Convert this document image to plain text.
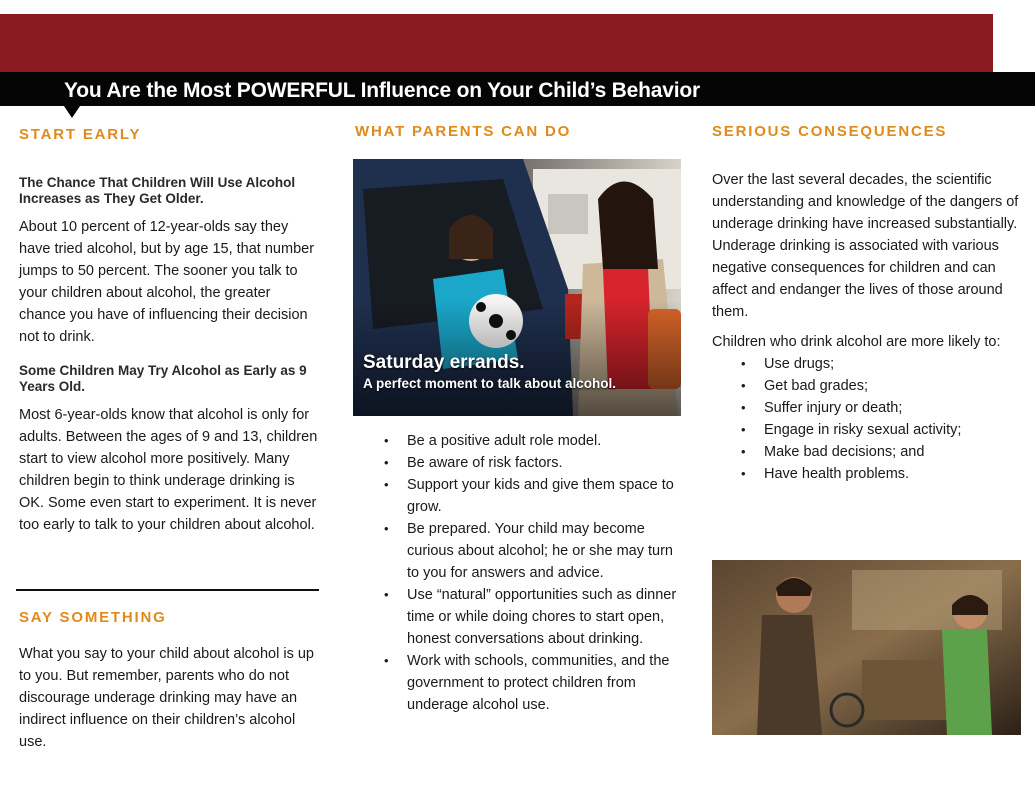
You Are the Most POWERFUL Influence on Your Child’s Behavior
START EARLY

The Chance That Children Will Use Alcohol Increases as They Get Older.

About 10 percent of 12-year-olds say they have tried alcohol, but by age 15, that number jumps to 50 percent. The sooner you talk to your children about alcohol, the greater chance you have of influencing their decision not to drink.

Some Children May Try Alcohol as Early as 9 Years Old.

Most 6-year-olds know that alcohol is only for adults. Between the ages of 9 and 13, children start to view alcohol more positively. Many children begin to think underage drinking is OK. Some even start to experiment. It is never too early to talk to your children about alcohol.

SAY SOMETHING

What you say to your child about alcohol is up to you. But remember, parents who do not discourage underage drinking may have an indirect influence on their children’s alcohol use.

WHAT PARENTS CAN DO
Saturday errands.
A perfect moment to talk about alcohol.
• Be a positive adult role model.
• Be aware of risk factors.
• Support your kids and give them space to grow.
• Be prepared. Your child may become curious about alcohol; he or she may turn to you for answers and advice.
• Use “natural” opportunities such as dinner time or while doing chores to start open, honest conversations about drinking.
• Work with schools, communities, and the government to protect children from underage alcohol use.
SERIOUS CONSEQUENCES

Over the last several decades, the scientific understanding and knowledge of the dangers of underage drinking have increased substantially. Underage drinking is associated with various negative consequences for children and can affect and endanger the lives of those around them.

Children who drink alcohol are more likely to:

• Use drugs;
• Get bad grades;
• Suffer injury or death;
• Engage in risky sexual activity;
• Make bad decisions; and
• Have health problems.
